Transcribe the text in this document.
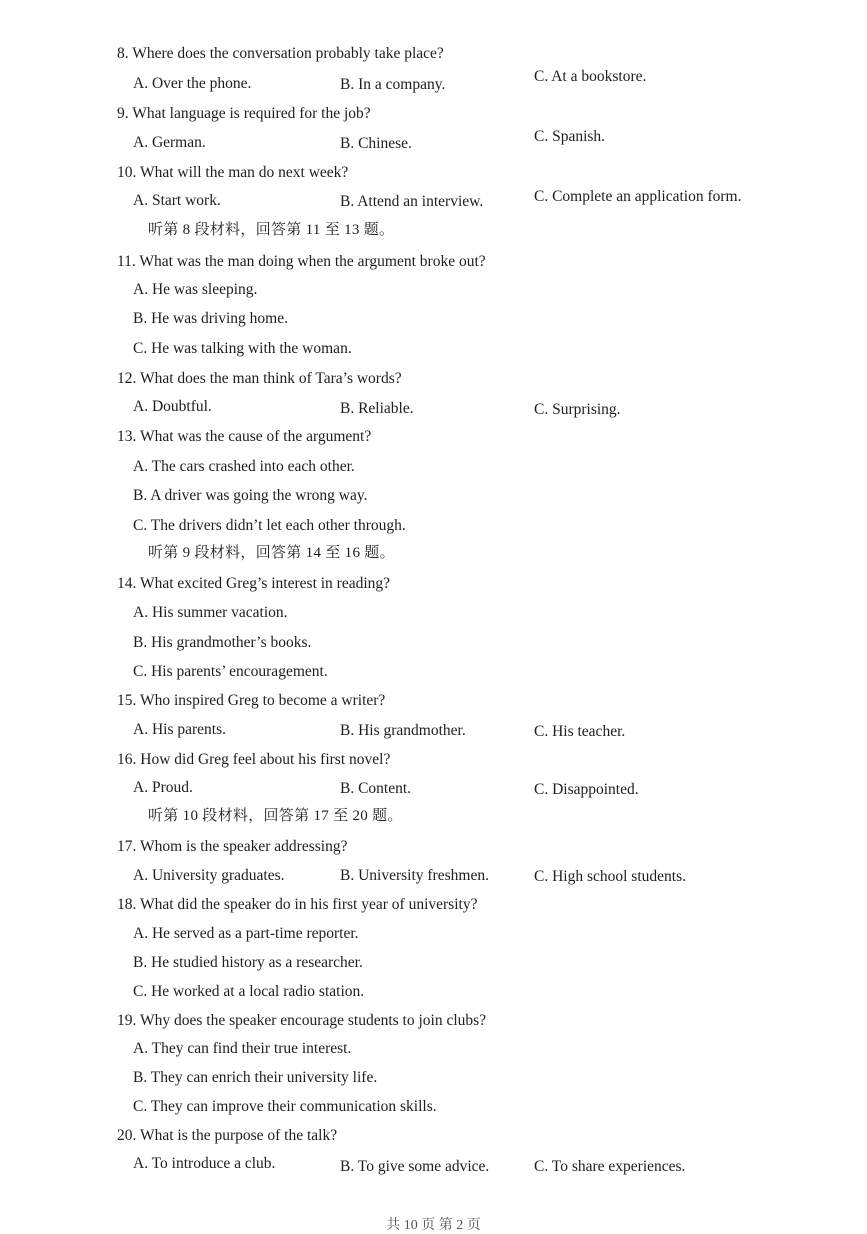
8. Where does the conversation probably take place?
A. Over the phone.	B. In a company.	C. At a bookstore.
9. What language is required for the job?
A. German.	B. Chinese.	C. Spanish.
10. What will the man do next week?
A. Start work.	B. Attend an interview.	C. Complete an application form.
听第 8 段材料，回答第 11 至 13 题。
11. What was the man doing when the argument broke out?
A. He was sleeping.
B. He was driving home.
C. He was talking with the woman.
12. What does the man think of Tara’s words?
A. Doubtful.	B. Reliable.	C. Surprising.
13. What was the cause of the argument?
A. The cars crashed into each other.
B. A driver was going the wrong way.
C. The drivers didn’t let each other through.
听第 9 段材料，回答第 14 至 16 题。
14. What excited Greg’s interest in reading?
A. His summer vacation.
B. His grandmother’s books.
C. His parents’ encouragement.
15. Who inspired Greg to become a writer?
A. His parents.	B. His grandmother.	C. His teacher.
16. How did Greg feel about his first novel?
A. Proud.	B. Content.	C. Disappointed.
听第 10 段材料，回答第 17 至 20 题。
17. Whom is the speaker addressing?
A. University graduates.	B. University freshmen.	C. High school students.
18. What did the speaker do in his first year of university?
A. He served as a part-time reporter.
B. He studied history as a researcher.
C. He worked at a local radio station.
19. Why does the speaker encourage students to join clubs?
A. They can find their true interest.
B. They can enrich their university life.
C. They can improve their communication skills.
20. What is the purpose of the talk?
A. To introduce a club.	B. To give some advice.	C. To share experiences.
共 10 页 第 2 页
